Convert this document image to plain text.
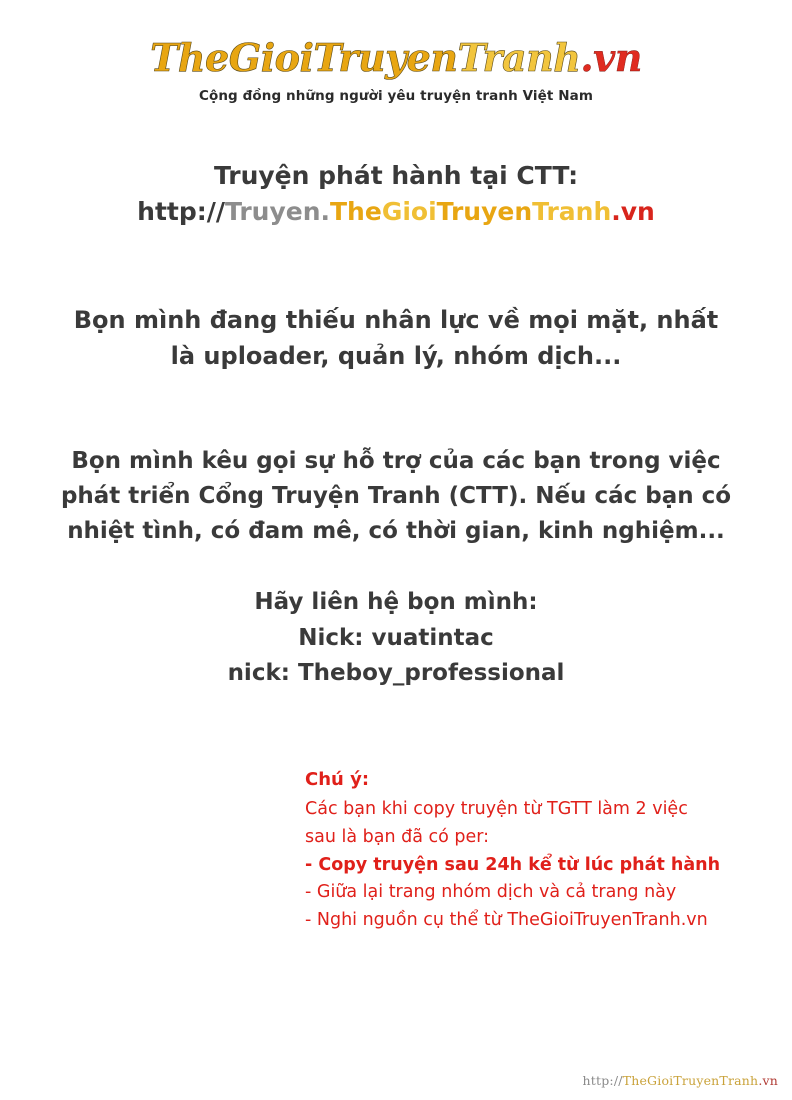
TheGioiTruyenTranh.vn
Cộng đồng những người yêu truyện tranh Việt Nam
Truyện phát hành tại CTT:
http://Truyen.TheGioiTruyenTranh.vn
Bọn mình đang thiếu nhân lực về mọi mặt, nhất
là uploader, quản lý, nhóm dịch...
Bọn mình kêu gọi sự hỗ trợ của các bạn trong việc
phát triển Cổng Truyện Tranh (CTT). Nếu các bạn có
nhiệt tình, có đam mê, có thời gian, kinh nghiệm...
Hãy liên hệ bọn mình:
Nick: vuatintac
nick: Theboy_professional
Chú ý:
Các bạn khi copy truyện từ TGTT làm 2 việc
sau là bạn đã có per:
- Copy truyện sau 24h kể từ lúc phát hành
- Giữa lại trang nhóm dịch và cả trang này
- Nghi nguồn cụ thể từ TheGioiTruyenTranh.vn
http://TheGioiTruyenTranh.vn
